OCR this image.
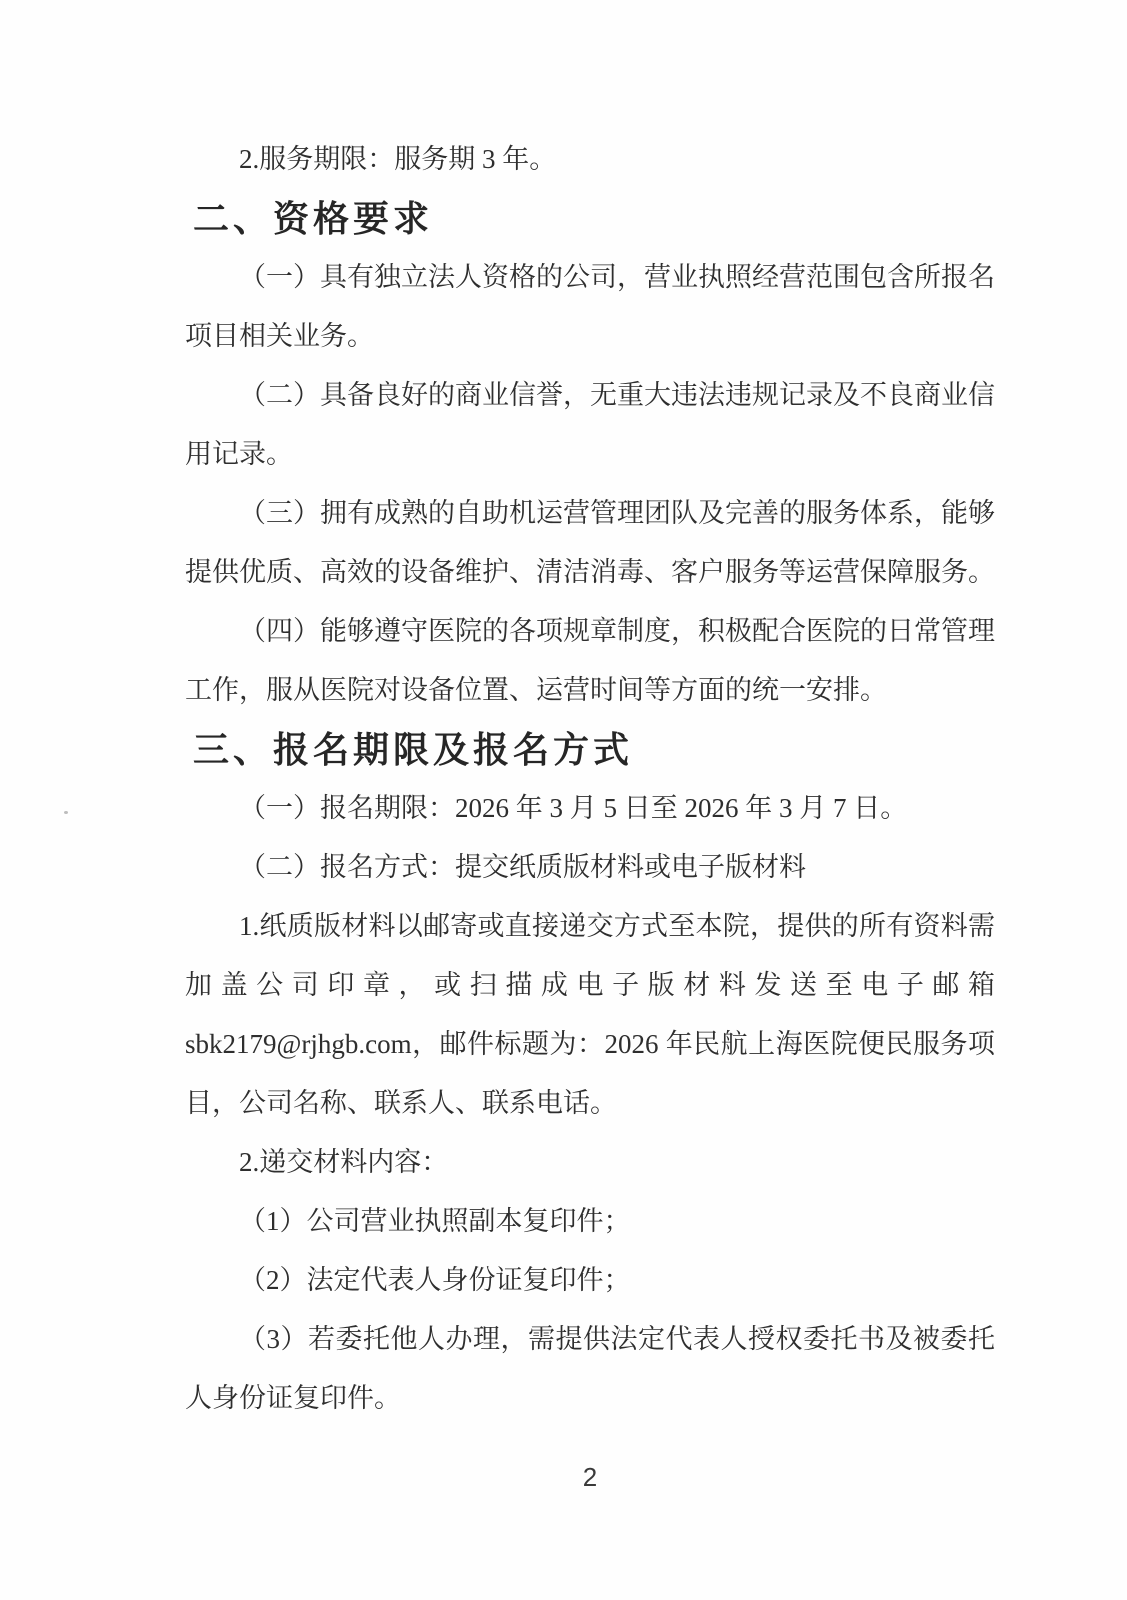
2.服务期限：服务期 3 年。
二、资格要求
（一）具有独立法人资格的公司，营业执照经营范围包含所报名
项目相关业务。
（二）具备良好的商业信誉，无重大违法违规记录及不良商业信
用记录。
（三）拥有成熟的自助机运营管理团队及完善的服务体系，能够
提供优质、高效的设备维护、清洁消毒、客户服务等运营保障服务。
（四）能够遵守医院的各项规章制度，积极配合医院的日常管理
工作，服从医院对设备位置、运营时间等方面的统一安排。
三、报名期限及报名方式
（一）报名期限：2026 年 3 月 5 日至 2026 年 3 月 7 日。
（二）报名方式：提交纸质版材料或电子版材料
1.纸质版材料以邮寄或直接递交方式至本院，提供的所有资料需
加盖公司印章，或扫描成电子版材料发送至电子邮箱
sbk2179@rjhgb.com，邮件标题为：2026 年民航上海医院便民服务项
目，公司名称、联系人、联系电话。
2.递交材料内容：
（1）公司营业执照副本复印件；
（2）法定代表人身份证复印件；
（3）若委托他人办理，需提供法定代表人授权委托书及被委托
人身份证复印件。
2
